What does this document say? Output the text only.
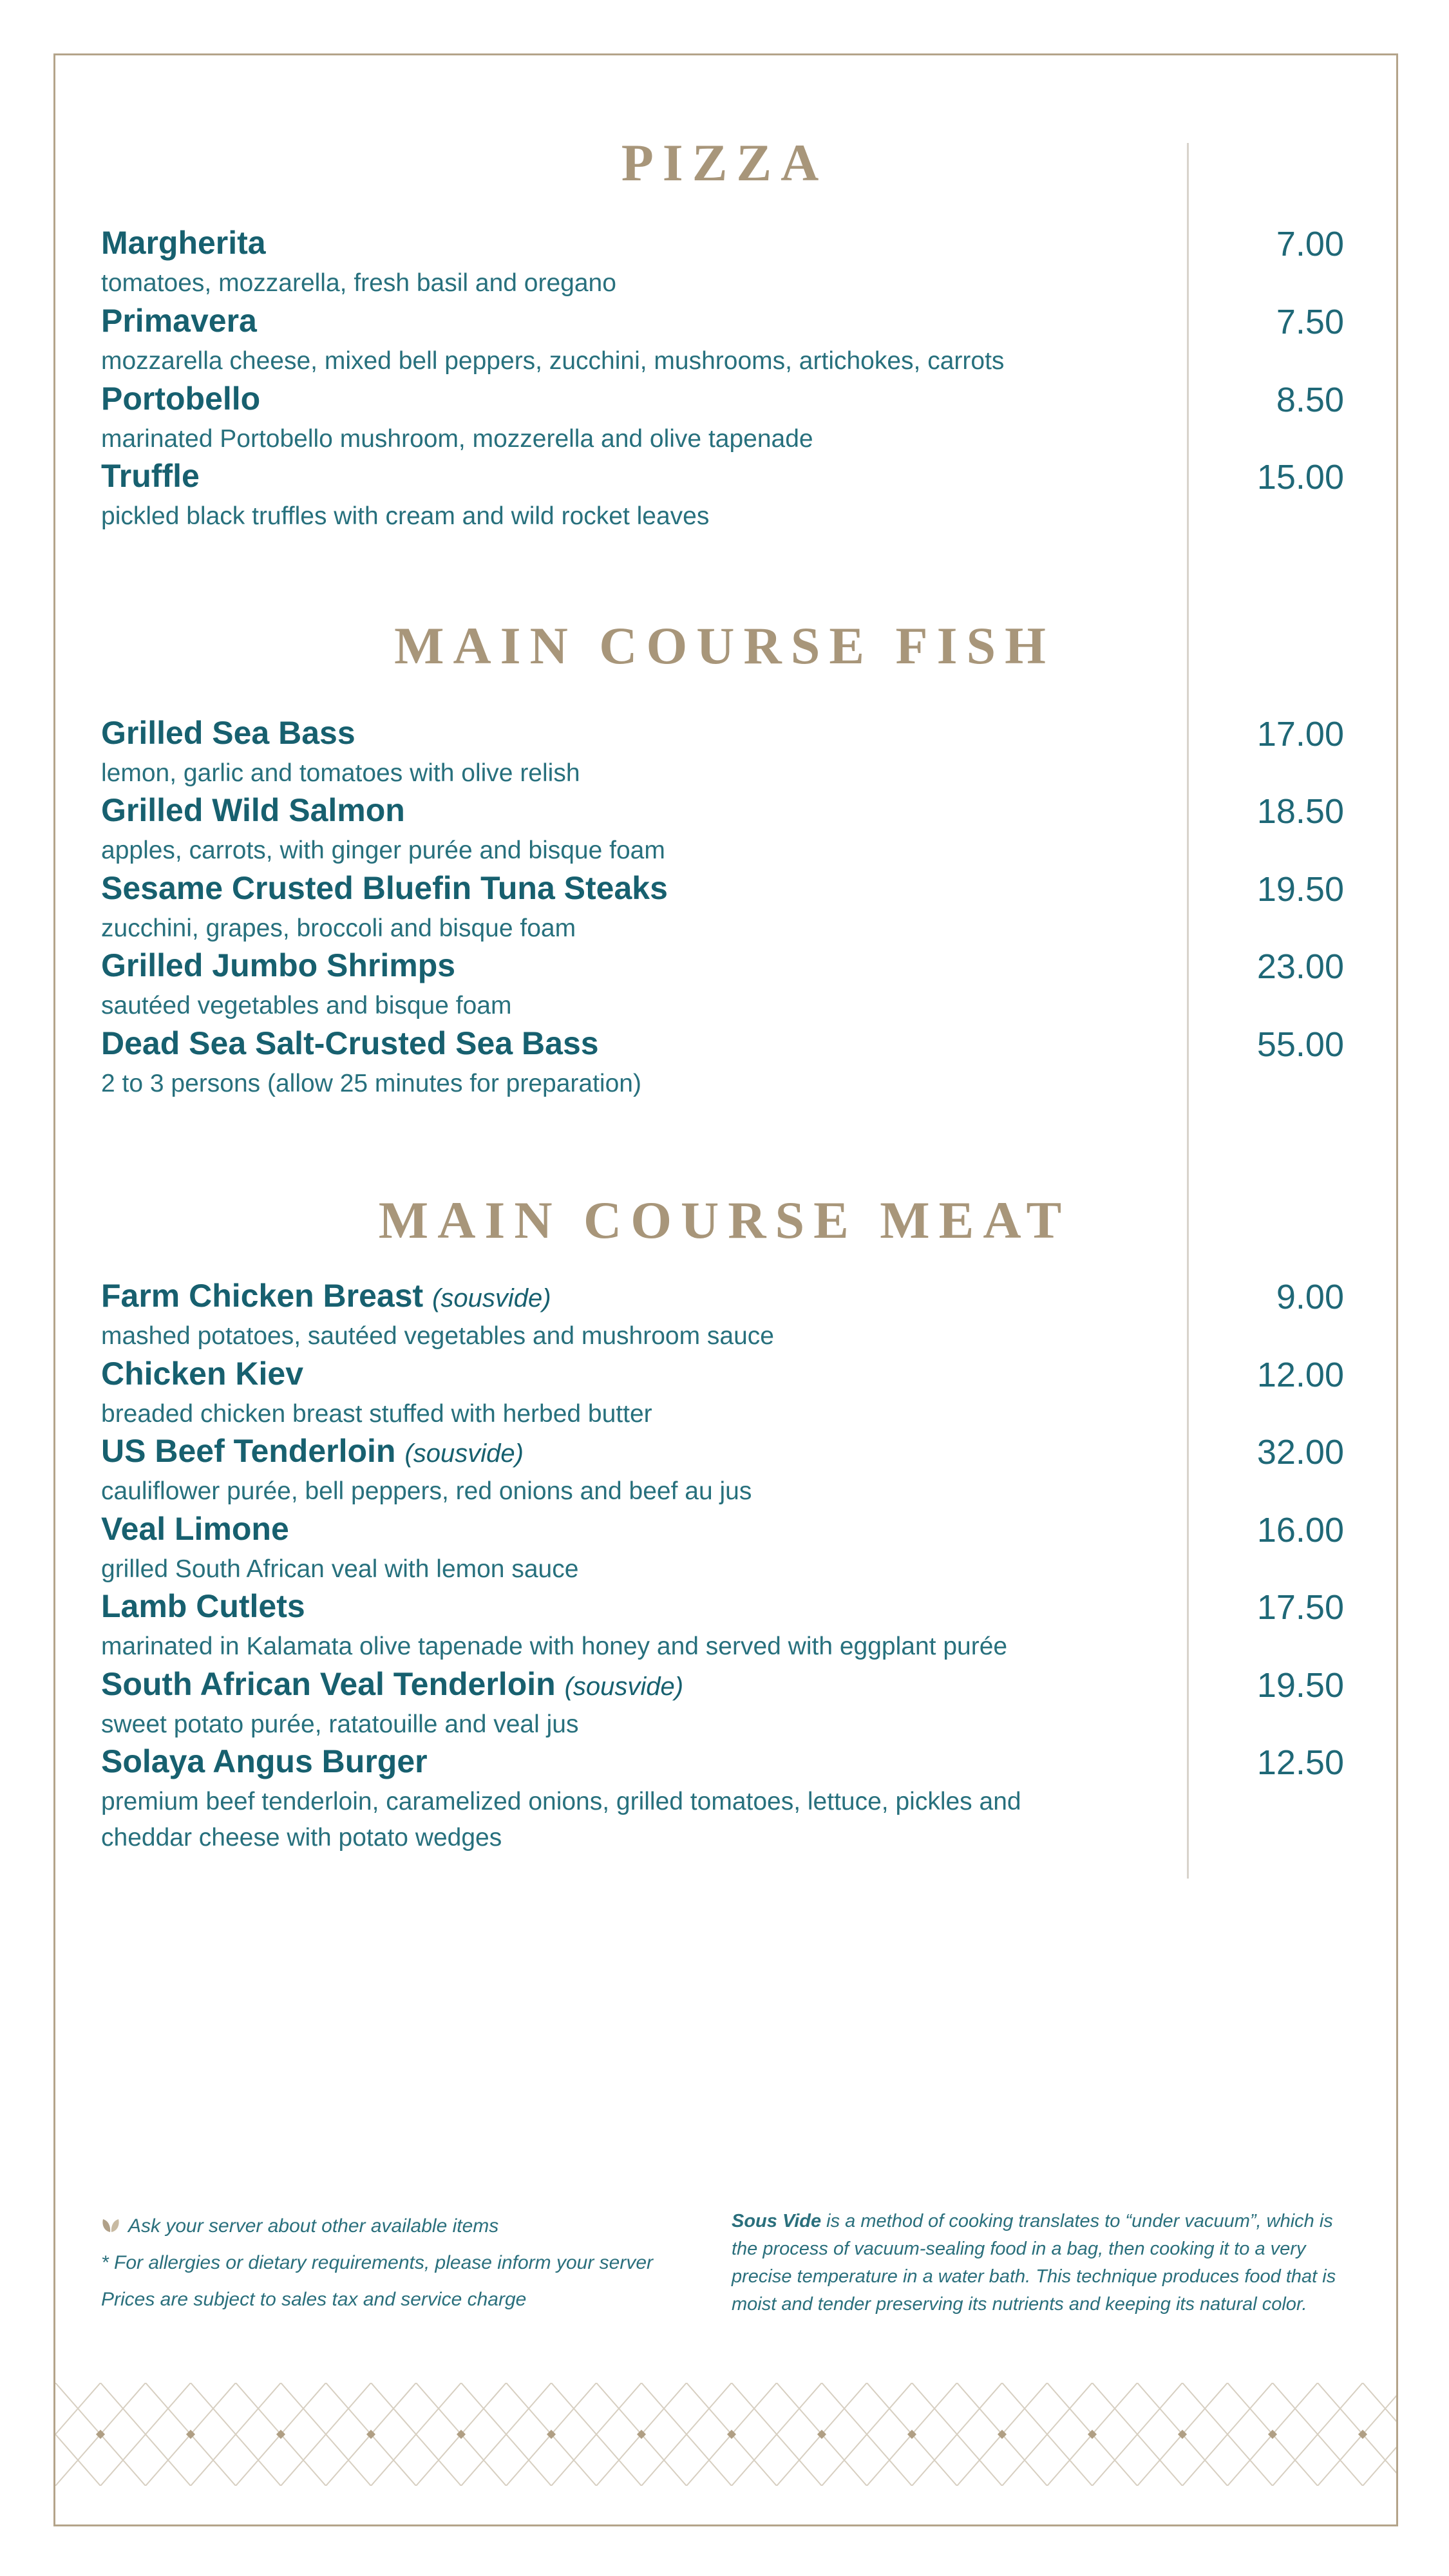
PIZZA
Margherita
tomatoes, mozzarella, fresh basil and oregano
7.00
Primavera
mozzarella cheese, mixed bell peppers, zucchini, mushrooms, artichokes, carrots
7.50
Portobello
marinated Portobello mushroom, mozzerella and olive tapenade
8.50
Truffle
pickled black truffles with cream and wild rocket leaves
15.00
MAIN COURSE FISH
Grilled Sea Bass
lemon, garlic and tomatoes with olive relish
17.00
Grilled Wild Salmon
apples, carrots, with ginger purée and bisque foam
18.50
Sesame Crusted Bluefin Tuna Steaks
zucchini, grapes, broccoli and bisque foam
19.50
Grilled Jumbo Shrimps
sautéed vegetables and bisque foam
23.00
Dead Sea Salt-Crusted Sea Bass
2 to 3 persons (allow 25 minutes for preparation)
55.00
MAIN COURSE MEAT
Farm Chicken Breast (sousvide)
mashed potatoes, sautéed vegetables and mushroom sauce
9.00
Chicken Kiev
breaded chicken breast stuffed with herbed butter
12.00
US Beef Tenderloin (sousvide)
cauliflower purée, bell peppers, red onions and beef au jus
32.00
Veal Limone
grilled South African veal with lemon sauce
16.00
Lamb Cutlets
marinated in Kalamata olive tapenade with honey and served with eggplant purée
17.50
South African Veal Tenderloin (sousvide)
sweet potato purée, ratatouille and veal jus
19.50
Solaya Angus Burger
premium beef tenderloin, caramelized onions, grilled tomatoes, lettuce, pickles and cheddar cheese with potato wedges
12.50
Ask your server about other available items
* For allergies or dietary requirements, please inform your server
Prices are subject to sales tax and service charge
Sous Vide is a method of cooking translates to “under vacuum”, which is the process of vacuum-sealing food in a bag, then cooking it to a very precise temperature in a water bath. This technique produces food that is moist and tender preserving its nutrients and keeping its natural color.
